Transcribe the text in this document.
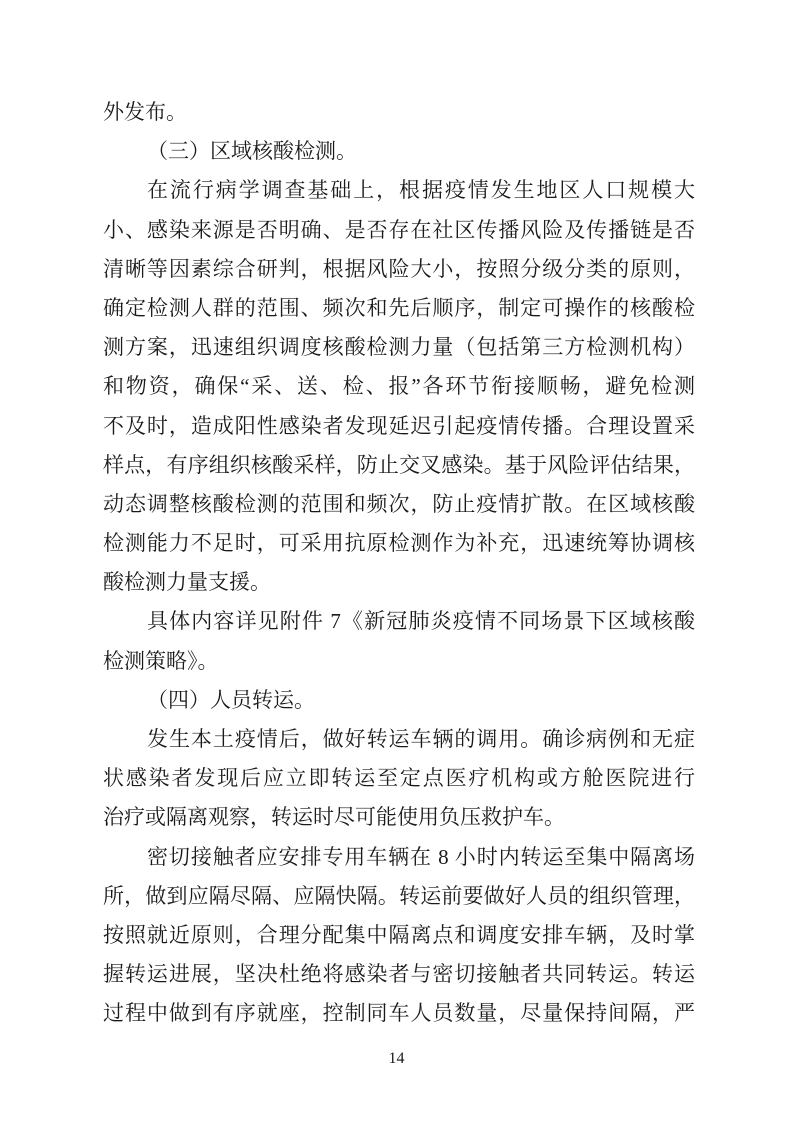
外发布。
（三）区域核酸检测。
在流行病学调查基础上，根据疫情发生地区人口规模大
小、感染来源是否明确、是否存在社区传播风险及传播链是否
清晰等因素综合研判，根据风险大小，按照分级分类的原则，
确定检测人群的范围、频次和先后顺序，制定可操作的核酸检
测方案，迅速组织调度核酸检测力量（包括第三方检测机构）
和物资，确保“采、送、检、报”各环节衔接顺畅，避免检测
不及时，造成阳性感染者发现延迟引起疫情传播。合理设置采
样点，有序组织核酸采样，防止交叉感染。基于风险评估结果，
动态调整核酸检测的范围和频次，防止疫情扩散。在区域核酸
检测能力不足时，可采用抗原检测作为补充，迅速统筹协调核
酸检测力量支援。
具体内容详见附件 7《新冠肺炎疫情不同场景下区域核酸
检测策略》。
（四）人员转运。
发生本土疫情后，做好转运车辆的调用。确诊病例和无症
状感染者发现后应立即转运至定点医疗机构或方舱医院进行
治疗或隔离观察，转运时尽可能使用负压救护车。
密切接触者应安排专用车辆在 8 小时内转运至集中隔离场
所，做到应隔尽隔、应隔快隔。转运前要做好人员的组织管理，
按照就近原则，合理分配集中隔离点和调度安排车辆，及时掌
握转运进展，坚决杜绝将感染者与密切接触者共同转运。转运
过程中做到有序就座，控制同车人员数量，尽量保持间隔，严
14
